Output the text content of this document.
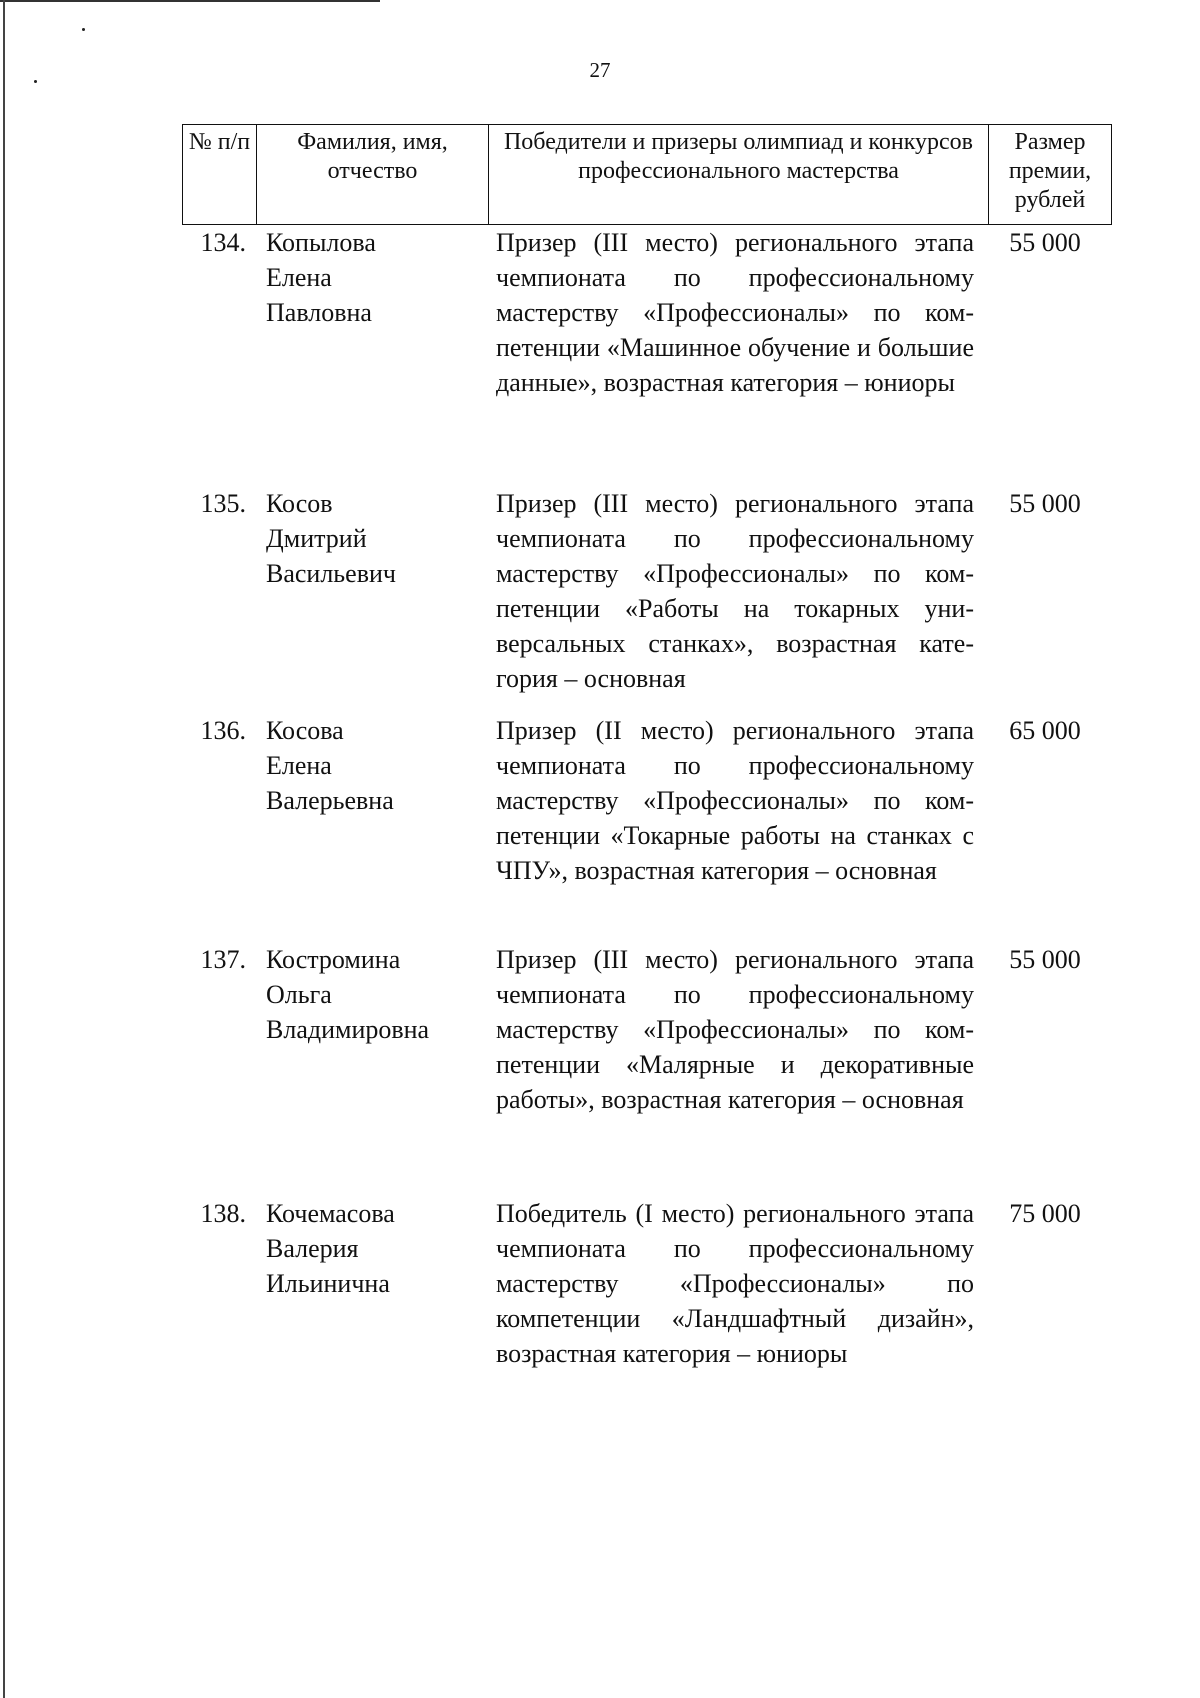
27
№ п/п	Фамилия, имя, отчество
Победители и призеры олимпиад и конкурсов профессионального мастерства
Размер премии, рублей
134. Копылова
Елена
Павловна
Призер (III место) регионального этапа чемпионата по профессиональному мастерству «Профессионалы» по компетенции «Машинное обучение и большие данные», возрастная категория – юниоры
55 000
135. Косов
Дмитрий
Васильевич
Призер (III место) регионального этапа чемпионата по профессиональному мастерству «Профессионалы» по компетенции «Работы на токарных универсальных станках», возрастная категория – основная
55 000
136. Косова
Елена
Валерьевна
Призер (II место) регионального этапа чемпионата по профессиональному мастерству «Профессионалы» по компетенции «Токарные работы на станках с ЧПУ», возрастная категория – основная
65 000
137. Костромина
Ольга
Владимировна
Призер (III место) регионального этапа чемпионата по профессиональному мастерству «Профессионалы» по компетенции «Малярные и декоративные работы», возрастная категория – основная
55 000
138. Кочемасова
Валерия
Ильинична
Победитель (I место) регионального этапа чемпионата по профессиональному мастерству «Профессионалы» по компетенции «Ландшафтный дизайн», возрастная категория – юниоры
75 000
